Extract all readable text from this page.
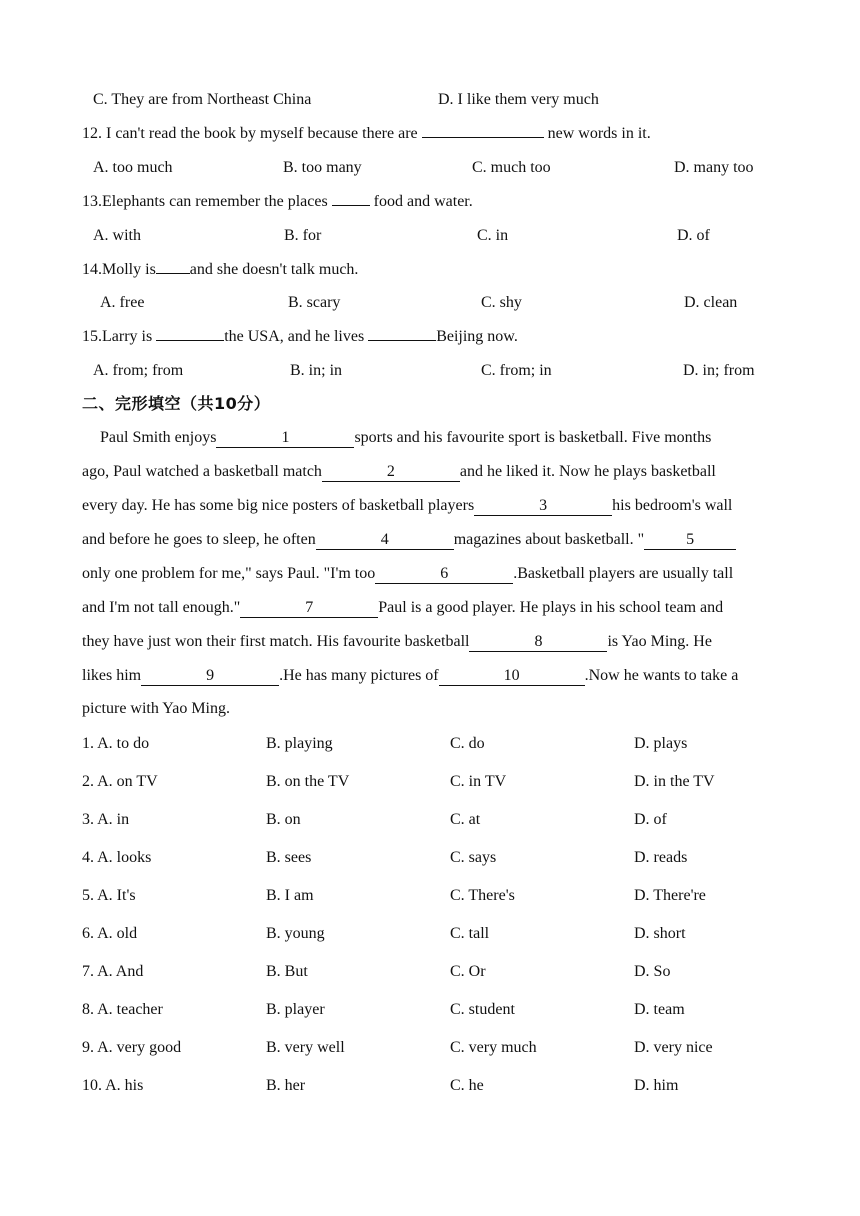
C. They are from Northeast China	D. I like them very much
12. I can't read the book by myself because there are	new words in it.
A. too much	B. too many	C. much too	D. many too
13.Elephants can remember the places  food and water.
A. with	B. for	C. in	D. of
14.Molly is and she doesn't talk much.
A. free	B. scary	C. shy	D. clean
15.Larry is	the USA, and he lives	Beijing now.
A. from; from	B. in; in	C. from; in	D. in; from
二、完形填空（共10分）
Paul Smith enjoys	1	sports and his favourite sport is basketball. Five months
ago, Paul watched a basketball match	2	and he liked it. Now he plays basketball
every day. He has some big nice posters of basketball players	3	his bedroom's wall
and before he goes to sleep, he often	4	magazines about basketball. "	5
only one problem for me," says Paul. "I'm too	6	.Basketball players are usually tall
and I'm not tall enough."	7	Paul is a good player. He plays in his school team and
they have just won their first match. His favourite basketball	8	is Yao Ming. He
likes him	9	.He has many pictures of	10	.Now he wants to take a
picture with Yao Ming.
1. A. to do	B. playing	C. do	D. plays
2. A. on TV	B. on the TV	C. in TV	D. in the TV
3. A. in	B. on	C. at	D. of
4. A. looks	B. sees	C. says	D. reads
5. A. It's	B. I am	C. There's	D. There're
6. A. old	B. young	C. tall	D. short
7. A. And	B. But	C. Or	D. So
8. A. teacher	B. player	C. student	D. team
9. A. very good	B. very well	C. very much	D. very nice
10. A. his	B. her	C. he	D. him
